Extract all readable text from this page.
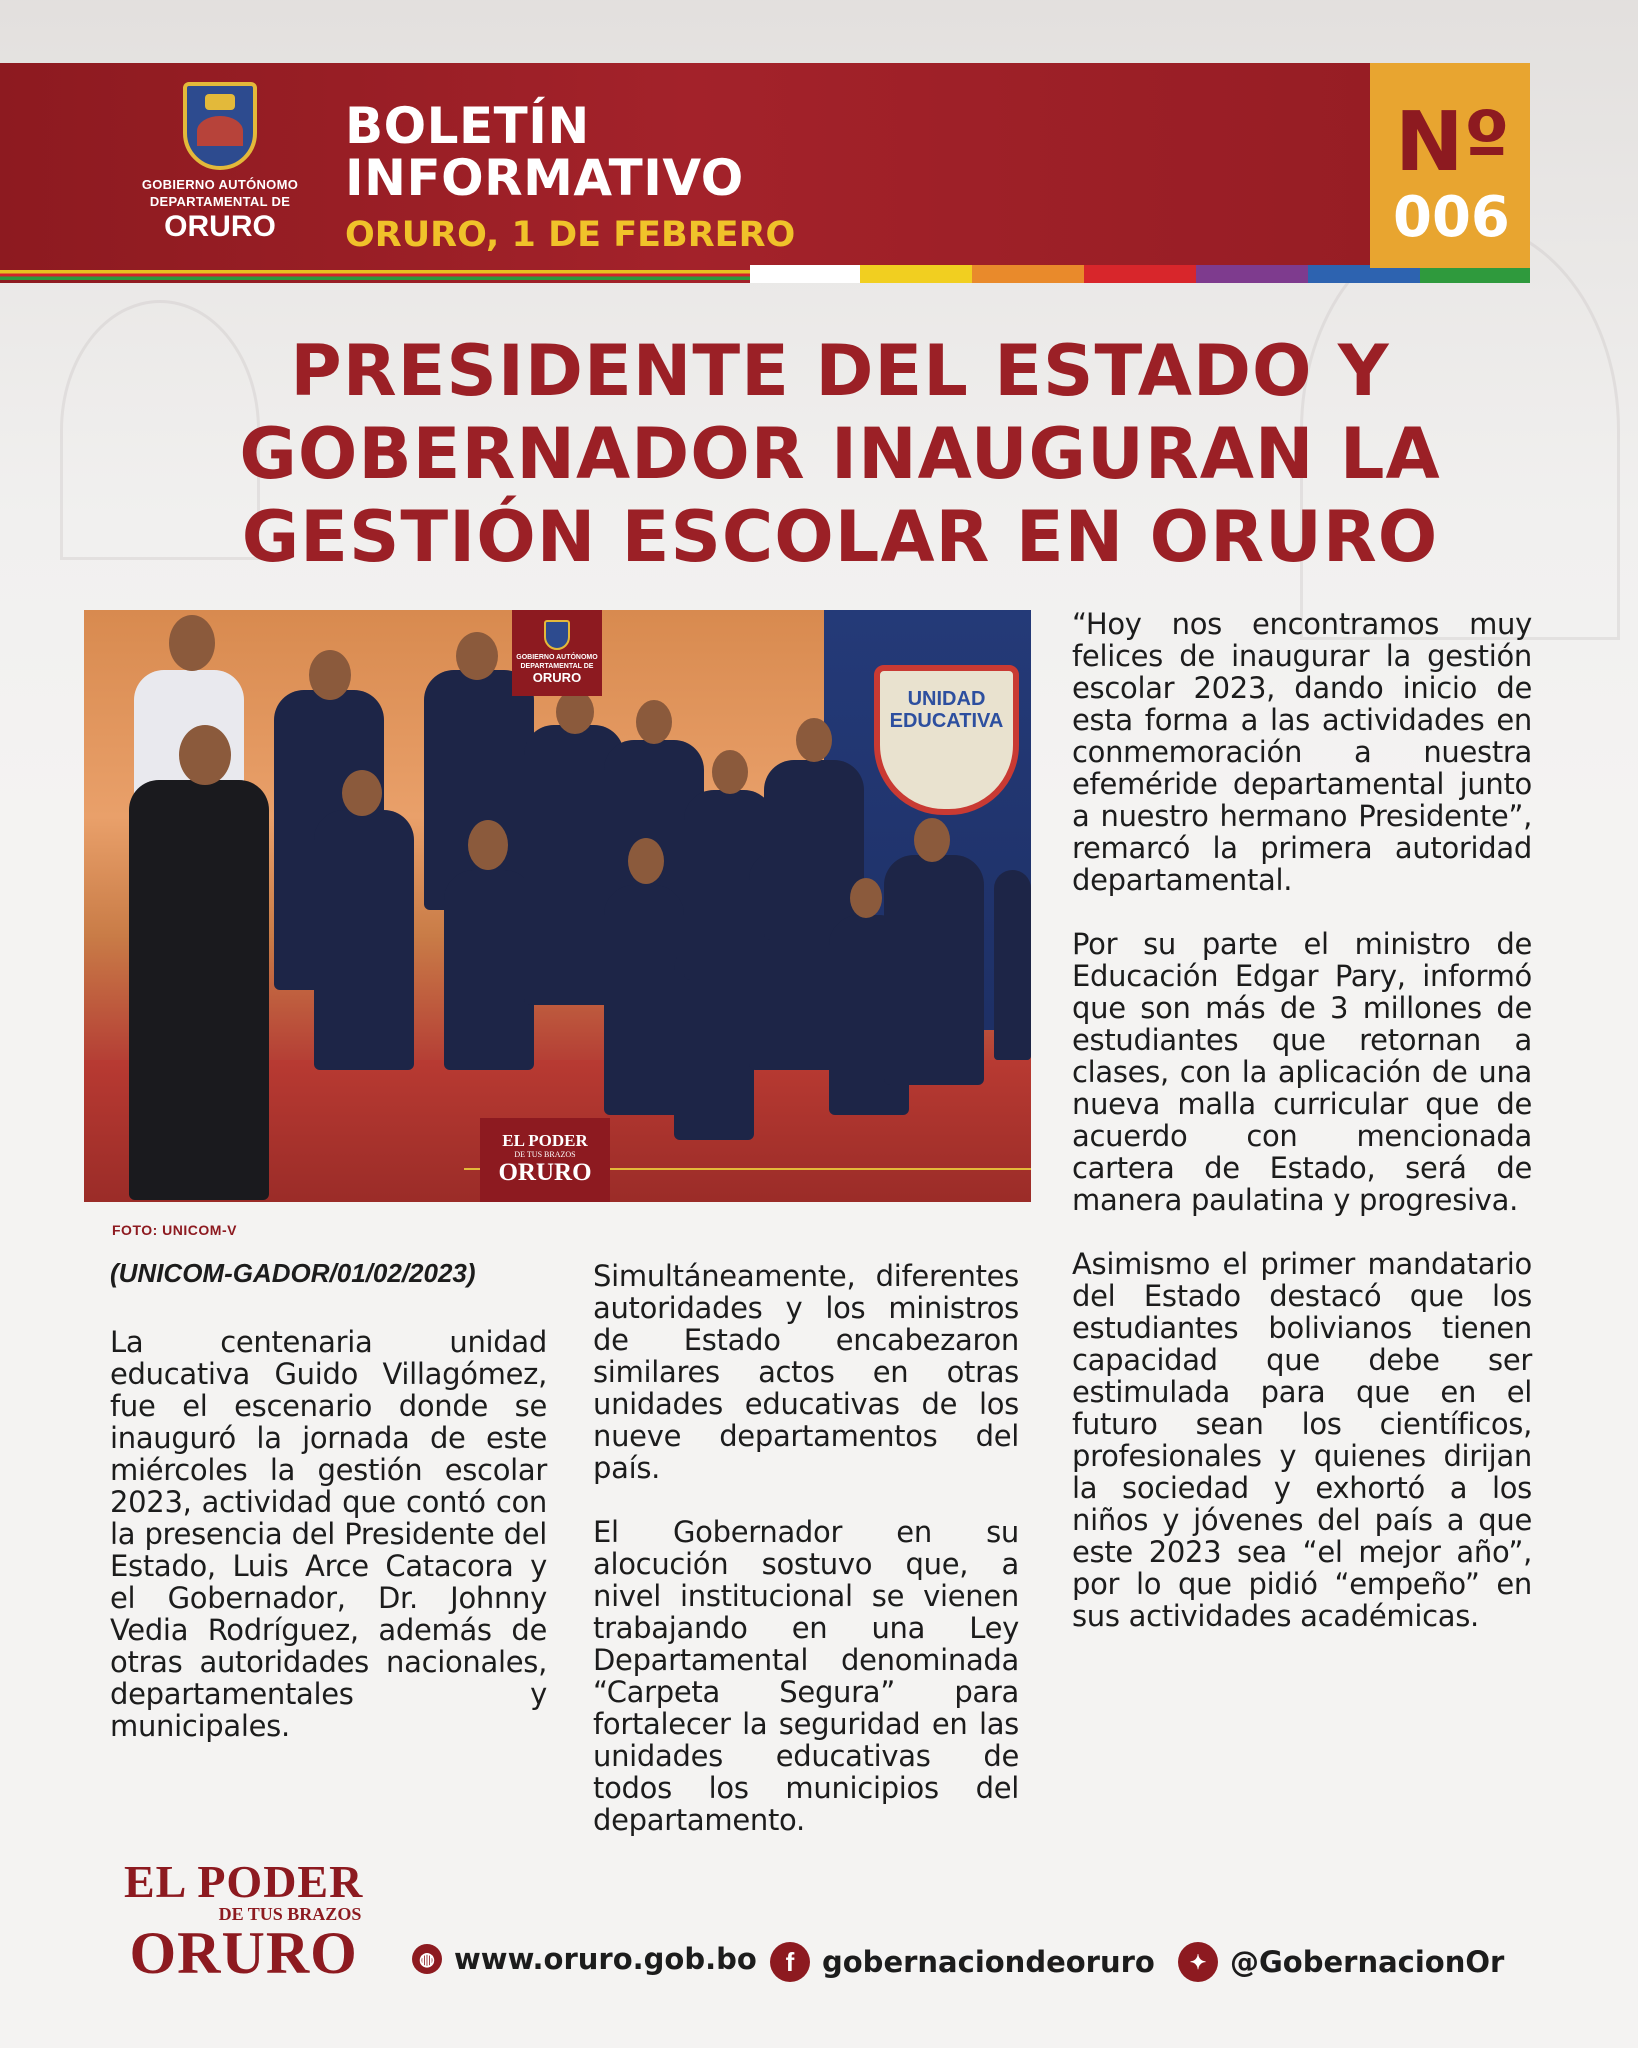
GOBIERNO AUTÓNOMO
DEPARTAMENTAL DE
ORURO
BOLETÍN
INFORMATIVO
ORURO, 1 DE FEBRERO
Nº
006
PRESIDENTE DEL ESTADO Y
GOBERNADOR INAUGURAN LA
GESTIÓN ESCOLAR EN ORURO
UNIDAD EDUCATIVA
GOBIERNO AUTÓNOMO
DEPARTAMENTAL DE
ORURO
EL PODER
DE TUS BRAZOS
ORURO
FOTO: UNICOM-V
(UNICOM-GADOR/01/02/2023)

La centenaria unidad educativa Guido Villagómez, fue el escenario donde se inauguró la jornada de este miércoles la gestión escolar 2023, actividad que contó con la presencia del Presidente del Estado, Luis Arce Catacora y el Gobernador, Dr. Johnny Vedia Rodríguez, además de otras autoridades nacionales, departamentales y municipales.

Simultáneamente, diferentes autoridades y los ministros de Estado encabezaron similares actos en otras unidades educativas de los nueve departamentos del país.

El Gobernador en su alocución sostuvo que, a nivel institucional se vienen trabajando en una Ley Departamental denominada “Carpeta Segura” para fortalecer la seguridad en las unidades educativas de todos los municipios del departamento.

“Hoy nos encontramos muy felices de inaugurar la gestión escolar 2023, dando inicio de esta forma a las actividades en conmemoración a nuestra efeméride departamental junto a nuestro hermano Presidente”, remarcó la primera autoridad departamental.

Por su parte el ministro de Educación Edgar Pary, informó que son más de 3 millones de estudiantes que retornan a clases, con la aplicación de una nueva malla curricular que de acuerdo con mencionada cartera de Estado, será de manera paulatina y progresiva.

Asimismo el primer mandatario del Estado destacó que los estudiantes bolivianos tienen capacidad que debe ser estimulada para que en el futuro sean los científicos, profesionales y quienes dirijan la sociedad y exhortó a los niños y jóvenes del país a que este 2023 sea “el mejor año”, por lo que pidió “empeño” en sus actividades académicas.

EL PODER
DE TUS BRAZOS
ORURO	◍ www.oruro.gob.bo	f gobernaciondeoruro	✦ @GobernacionOr
